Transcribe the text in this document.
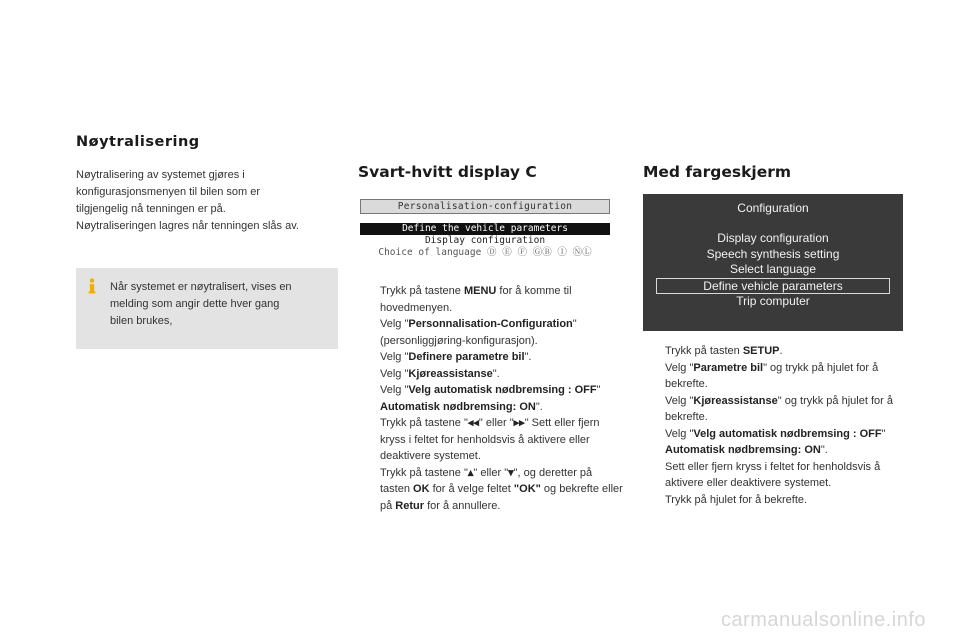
Nøytralisering
Nøytralisering av systemet gjøres i
konfigurasjonsmenyen til bilen som er
tilgjengelig nå tenningen er på.
Nøytraliseringen lagres når tenningen slås av.
Når systemet er nøytralisert, vises en
melding som angir dette hver gang
bilen brukes,
Svart-hvitt display C
Personalisation-configuration
Define the vehicle parameters
Display configuration
Choice of language Ⓓ Ⓔ Ⓕ ⒼⒷ Ⓘ ⓃⓁ
Trykk på tastene MENU for å komme til hovedmenyen.
Velg "Personnalisation-Configuration" (personliggjøring-konfigurasjon).
Velg "Definere parametre bil".
Velg "Kjøreassistanse".
Velg "Velg automatisk nødbremsing : OFF" Automatisk nødbremsing: ON".
Trykk på tastene "◂◂" eller "▸▸" Sett eller fjern kryss i feltet for henholdsvis å aktivere eller deaktivere systemet.
Trykk på tastene "▴" eller "▾", og deretter på tasten OK for å velge feltet "OK" og bekrefte eller på Retur for å annullere.
Med fargeskjerm
Configuration
Display configuration
Speech synthesis setting
Select language
Define vehicle parameters
Trip computer
Trykk på tasten SETUP.
Velg "Parametre bil" og trykk på hjulet for å bekrefte.
Velg "Kjøreassistanse" og trykk på hjulet for å bekrefte.
Velg "Velg automatisk nødbremsing : OFF" Automatisk nødbremsing: ON".
Sett eller fjern kryss i feltet for henholdsvis å aktivere eller deaktivere systemet.
Trykk på hjulet for å bekrefte.
carmanualsonline.info
